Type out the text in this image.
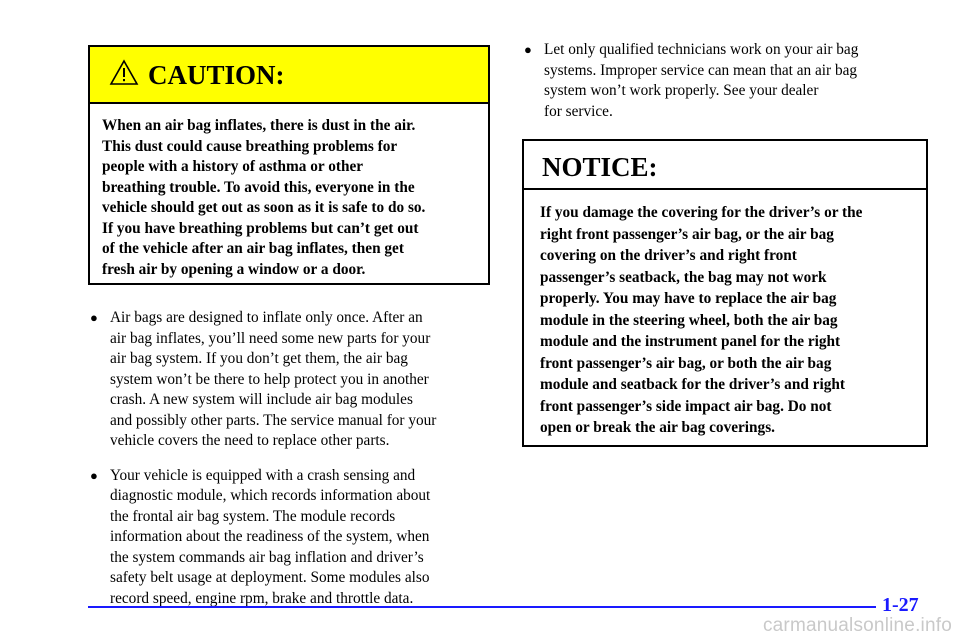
CAUTION:
When an air bag inflates, there is dust in the air.
This dust could cause breathing problems for
people with a history of asthma or other
breathing trouble. To avoid this, everyone in the
vehicle should get out as soon as it is safe to do so.
If you have breathing problems but can’t get out
of the vehicle after an air bag inflates, then get
fresh air by opening a window or a door.
● Air bags are designed to inflate only once. After an
air bag inflates, you’ll need some new parts for your
air bag system. If you don’t get them, the air bag
system won’t be there to help protect you in another
crash. A new system will include air bag modules
and possibly other parts. The service manual for your
vehicle covers the need to replace other parts.
● Your vehicle is equipped with a crash sensing and
diagnostic module, which records information about
the frontal air bag system. The module records
information about the readiness of the system, when
the system commands air bag inflation and driver’s
safety belt usage at deployment. Some modules also
record speed, engine rpm, brake and throttle data.
● Let only qualified technicians work on your air bag
systems. Improper service can mean that an air bag
system won’t work properly. See your dealer
for service.
NOTICE:
If you damage the covering for the driver’s or the
right front passenger’s air bag, or the air bag
covering on the driver’s and right front
passenger’s seatback, the bag may not work
properly. You may have to replace the air bag
module in the steering wheel, both the air bag
module and the instrument panel for the right
front passenger’s air bag, or both the air bag
module and seatback for the driver’s and right
front passenger’s side impact air bag. Do not
open or break the air bag coverings.
1-27
carmanualsonline.info
